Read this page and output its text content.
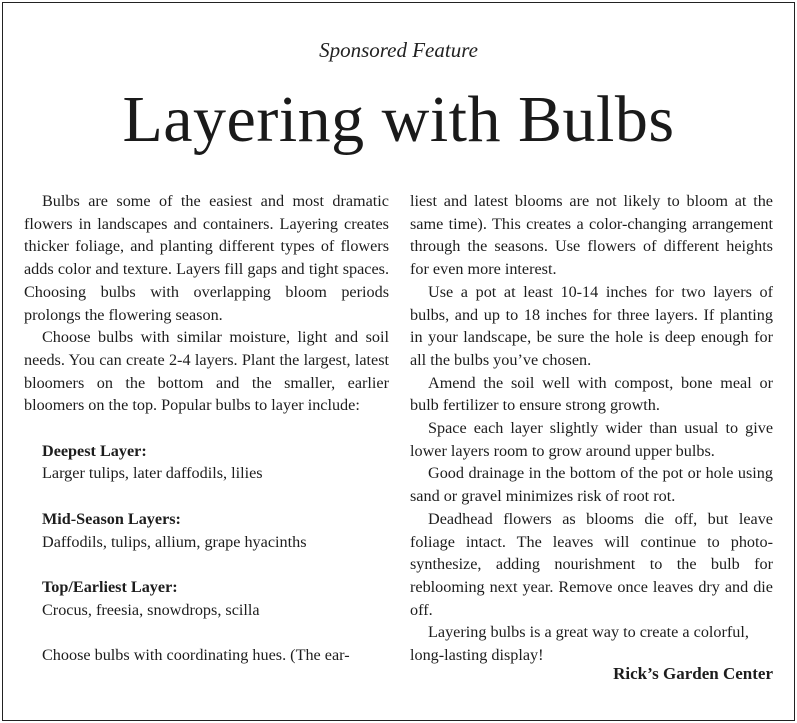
Sponsored Feature
Layering with Bulbs

Bulbs are some of the easiest and most dramatic flowers in landscapes and containers. Layering creates thicker foliage, and planting different types of flowers adds color and texture. Layers fill gaps and tight spaces. Choosing bulbs with overlapping bloom periods prolongs the flowering season.

Choose bulbs with similar moisture, light and soil needs. You can create 2-4 layers. Plant the largest, latest bloomers on the bottom and the smaller, earlier bloomers on the top. Popular bulbs to layer include:

Deepest Layer:
Larger tulips, later daffodils, lilies
Mid-Season Layers:
Daffodils, tulips, allium, grape hyacinths
Top/Earliest Layer:
Crocus, freesia, snowdrops, scilla
Choose bulbs with coordinating hues. (The ear-

liest and latest blooms are not likely to bloom at the same time). This creates a color-changing arrangement through the seasons. Use flowers of different heights for even more interest.

Use a pot at least 10-14 inches for two layers of bulbs, and up to 18 inches for three layers. If planting in your landscape, be sure the hole is deep enough for all the bulbs you’ve chosen.

Amend the soil well with compost, bone meal or bulb fertilizer to ensure strong growth.

Space each layer slightly wider than usual to give lower layers room to grow around upper bulbs.

Good drainage in the bottom of the pot or hole using sand or gravel minimizes risk of root rot.

Deadhead flowers as blooms die off, but leave foliage intact. The leaves will continue to photosynthesize, adding nourishment to the bulb for reblooming next year. Remove once leaves dry and die off.

Layering bulbs is a great way to create a colorful, long-lasting display!

Rick’s Garden Center
